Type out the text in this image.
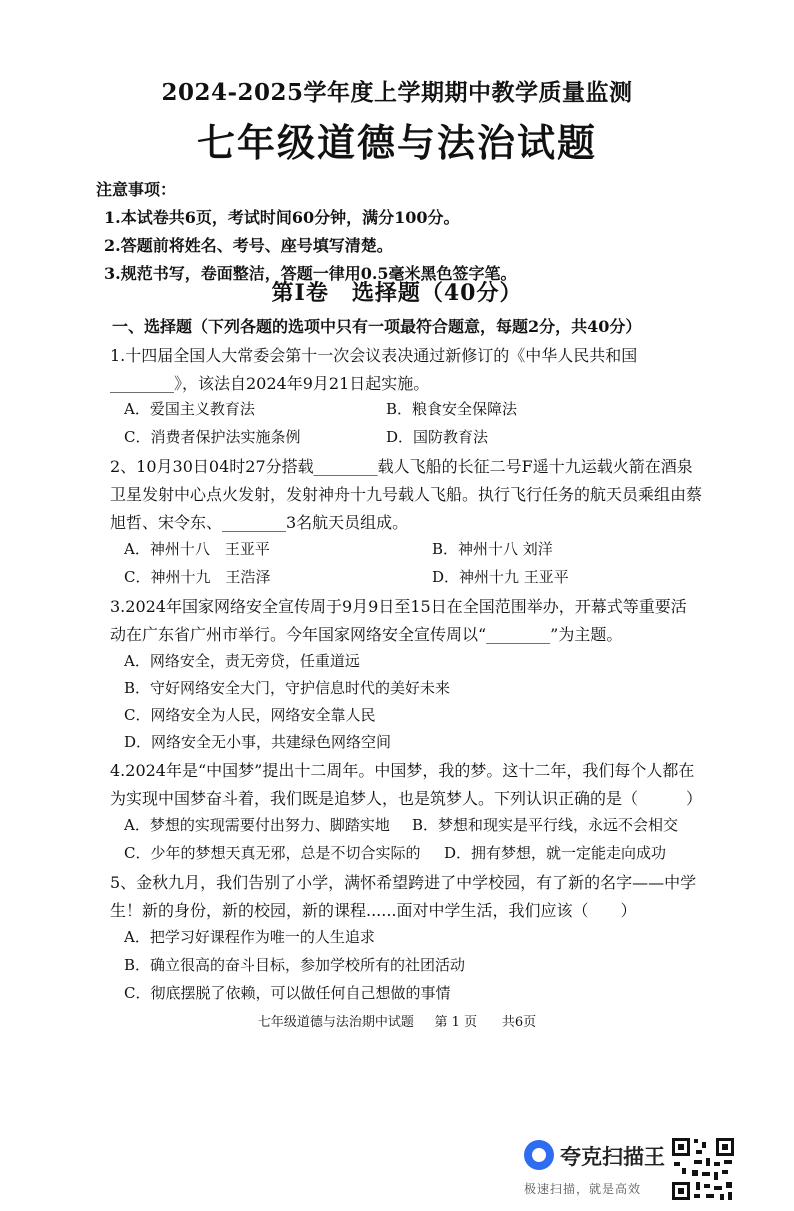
2024-2025学年度上学期期中教学质量监测
七年级道德与法治试题
注意事项：
1.本试卷共6页，考试时间60分钟，满分100分。
2.答题前将姓名、考号、座号填写清楚。
3.规范书写，卷面整洁，答题一律用0.5毫米黑色签字笔。
第Ⅰ卷　选择题（40分）
一、选择题（下列各题的选项中只有一项最符合题意，每题2分，共40分）
1.十四届全国人大常委会第十一次会议表决通过新修订的《中华人民共和国
________》，该法自2024年9月21日起实施。
A．爱国主义教育法	B．粮食安全保障法
C．消费者保护法实施条例	D．国防教育法
2、10月30日04时27分搭载________载人飞船的长征二号F遥十九运载火箭在酒泉
卫星发射中心点火发射，发射神舟十九号载人飞船。执行飞行任务的航天员乘组由蔡
旭哲、宋令东、________3名航天员组成。
A．神州十八　王亚平	B．神州十八 刘洋
C．神州十九　王浩泽	D．神州十九 王亚平
3.2024年国家网络安全宣传周于9月9日至15日在全国范围举办，开幕式等重要活
动在广东省广州市举行。今年国家网络安全宣传周以“________”为主题。
A．网络安全，责无旁贷，任重道远
B．守好网络安全大门，守护信息时代的美好未来
C．网络安全为人民，网络安全靠人民
D．网络安全无小事，共建绿色网络空间
4.2024年是“中国梦”提出十二周年。中国梦，我的梦。这十二年，我们每个人都在
为实现中国梦奋斗着，我们既是追梦人，也是筑梦人。下列认识正确的是（　　　）
A．梦想的实现需要付出努力、脚踏实地 B．梦想和现实是平行线，永远不会相交
C．少年的梦想天真无邪，总是不切合实际的 D．拥有梦想，就一定能走向成功
5、金秋九月，我们告别了小学，满怀希望跨进了中学校园，有了新的名字——中学
生！新的身份，新的校园，新的课程......面对中学生活，我们应该（　　）
A．把学习好课程作为唯一的人生追求
B．确立很高的奋斗目标，参加学校所有的社团活动
C．彻底摆脱了依赖，可以做任何自己想做的事情
七年级道德与法治期中试题 第 1 页 共6页
夸克扫描王
极速扫描，就是高效
